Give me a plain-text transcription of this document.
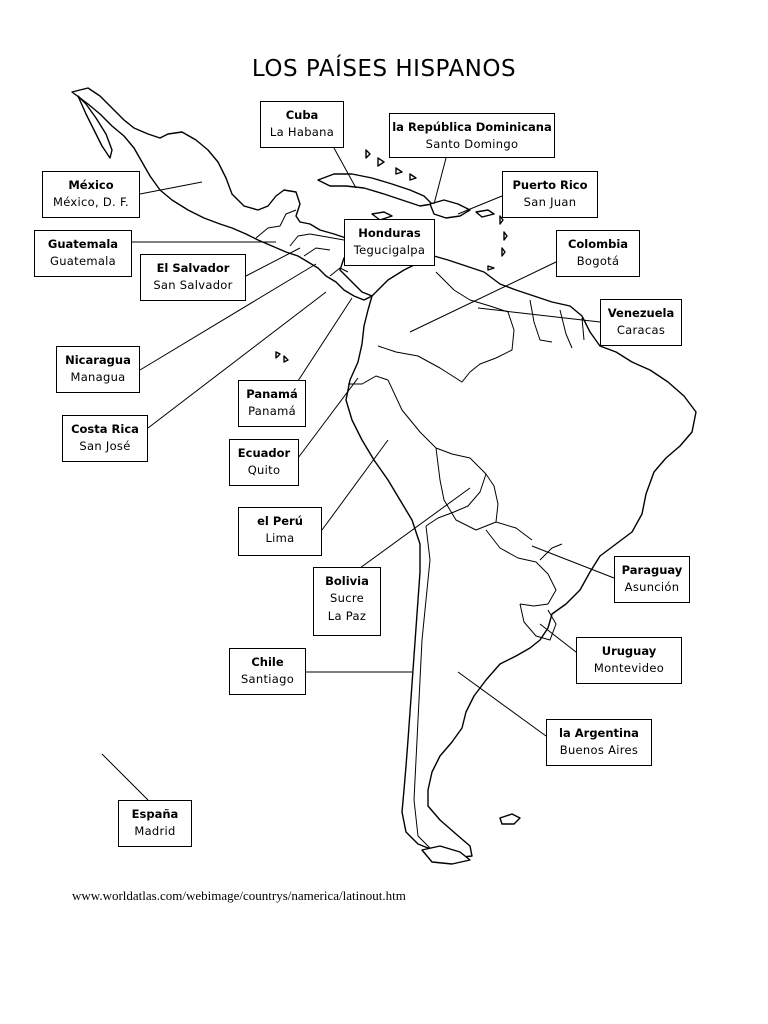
LOS PAÍSES HISPANOS
Cuba
La Habana	la República Dominicana
Santo Domingo
México
México, D. F.
Puerto Rico
San Juan
Guatemala
Guatemala
Honduras
Tegucigalpa
El Salvador
San Salvador
Colombia
Bogotá
Venezuela
Caracas
Nicaragua
Managua
Panamá
Panamá
Costa Rica
San José	Ecuador
Quito
el Perú
Lima
Paraguay
Asunción
Bolivia
Sucre
La Paz
Uruguay
Montevideo
Chile
Santiago
la Argentina
Buenos Aires
España
Madrid
www.worldatlas.com/webimage/countrys/namerica/latinout.htm
